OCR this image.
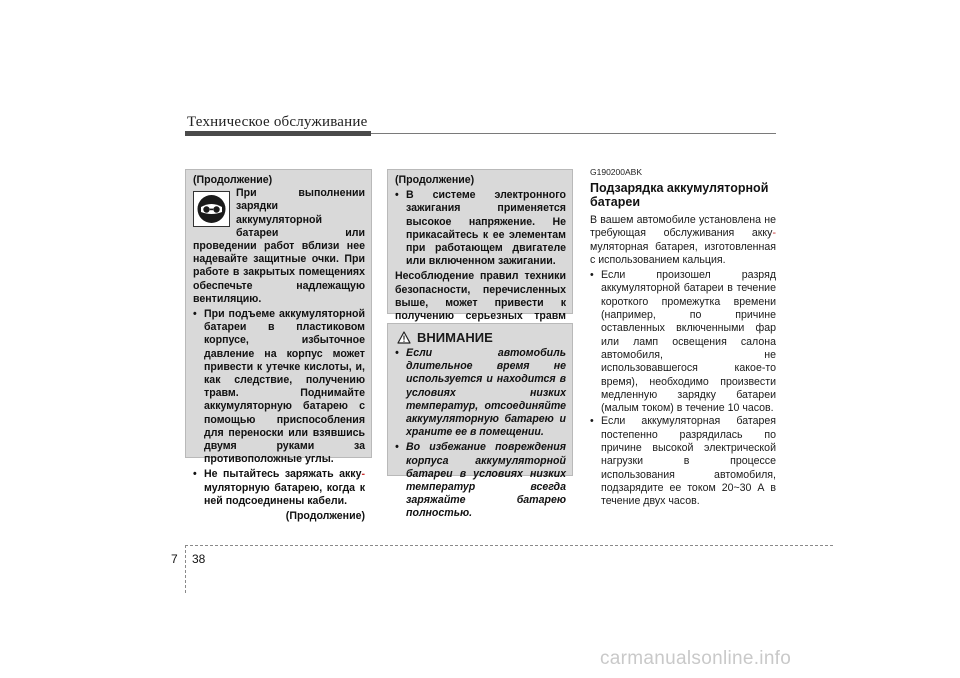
Техническое обслуживание

(Продолжение)

При выполнении зарядки аккумуляторной батареи или проведении работ вблизи нее надевайте защитные очки. При работе в закрытых помещениях обеспечьте надлежащую вентиляцию.

• При подъеме аккумуляторной батареи в пластиковом корпусе, избыточное давление на корпус может привести к утечке кислоты, и, как следствие, получению травм. Поднимайте аккумуляторную батарею с помощью приспособления для переноски или взявшись двумя руками за противоположные углы.
• Не пытайтесь заряжать акку-муляторную батарею, когда к ней подсоединены кабели.

(Продолжение)

(Продолжение)

• В системе электронного зажигания применяется высокое напряжение. Не прикасайтесь к ее элементам при работающем двигателе или включенном зажигании.

Несоблюдение правил техники безопасности, перечисленных выше, может привести к получению серьезных травм

ВНИМАНИЕ
• Если автомобиль длительное время не используется и находится в условиях низких температур, отсоединяйте аккумуляторную батарею и храните ее в помещении.
• Во избежание повреждения корпуса аккумуляторной батареи в условиях низких температур всегда заряжайте батарею полностью.

G190200ABK

Подзарядка аккумуляторной батареи

В вашем автомобиле установлена не требующая обслуживания акку-муляторная батарея, изготовленная с использованием кальция.

• Если произошел разряд аккумуляторной батареи в течение короткого промежутка времени (например, по причине оставленных включенными фар или ламп освещения салона автомобиля, не использовавшегося какое-то время), необходимо произвести медленную зарядку батареи (малым током) в течение 10 часов.
• Если аккумуляторная батарея постепенно разрядилась по причине высокой электрической нагрузки в процессе использования автомобиля, подзарядите ее током 20~30 А в течение двух часов.
7 38
carmanualsonline.info
